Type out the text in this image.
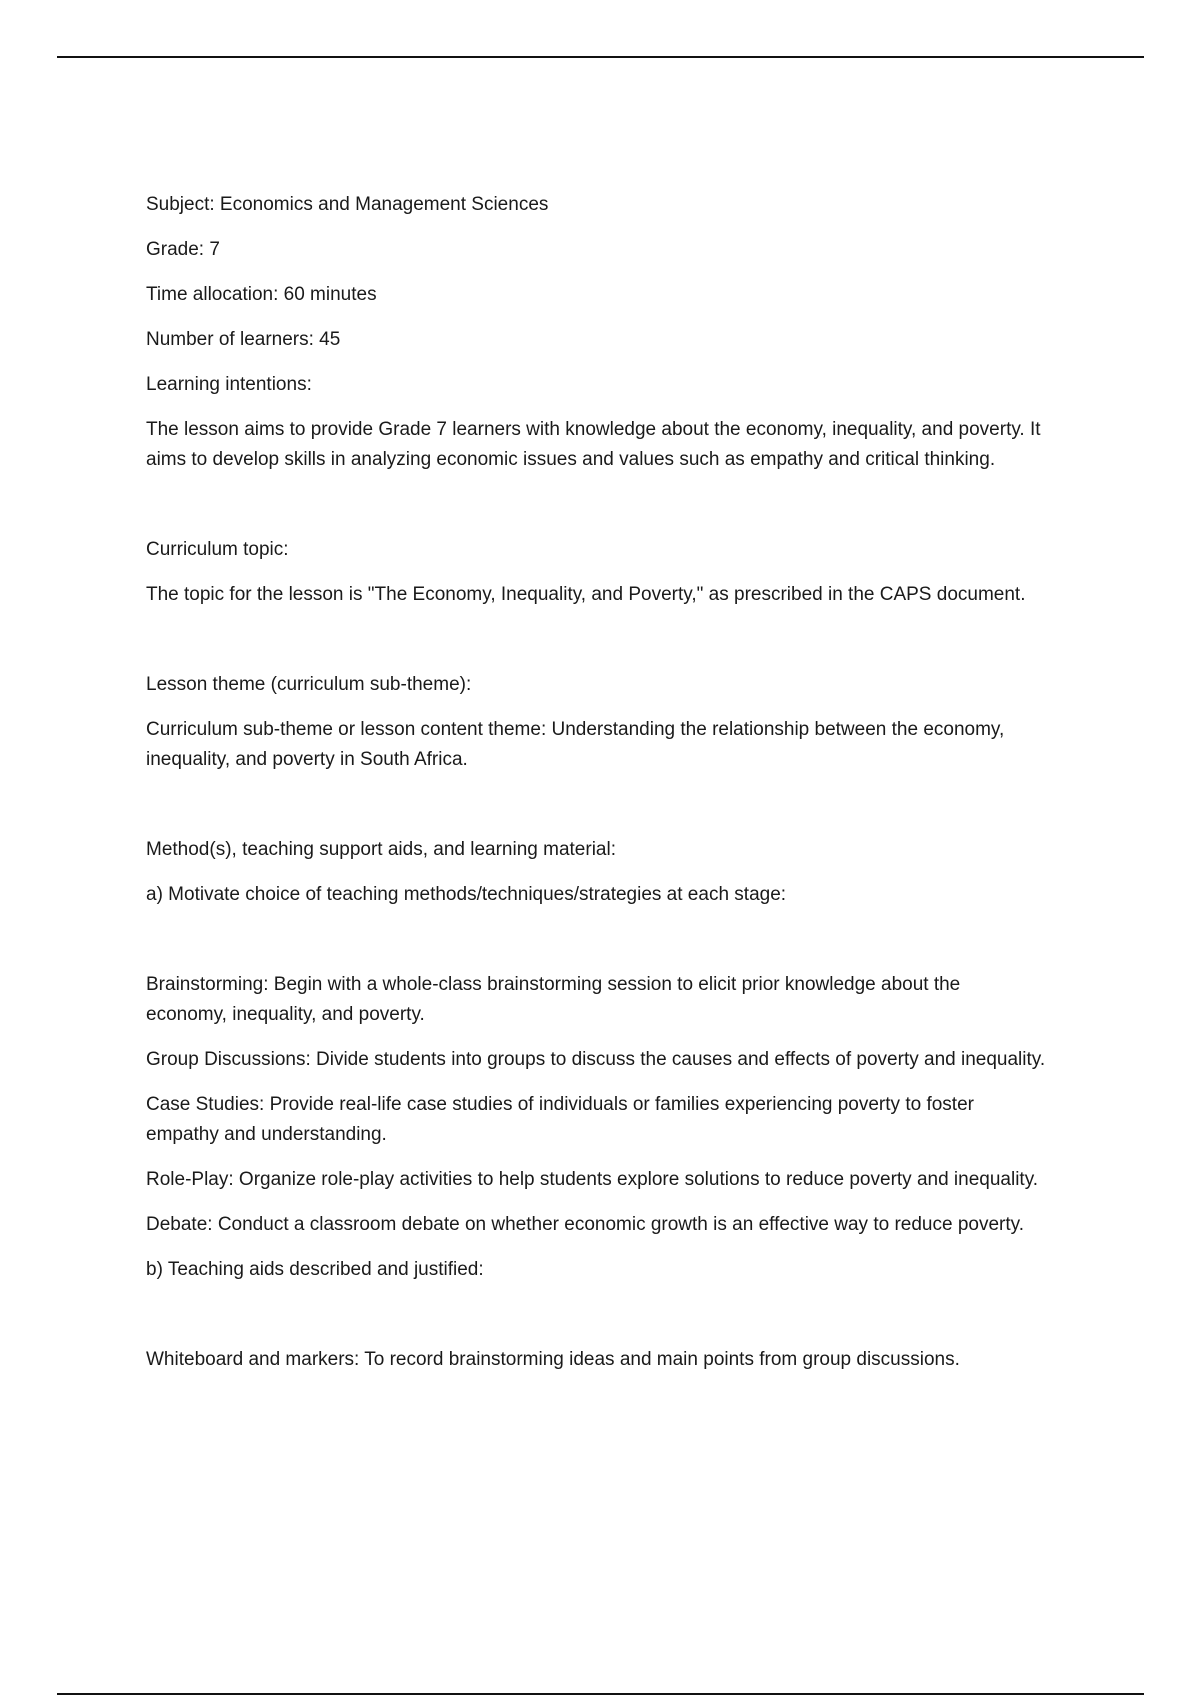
Subject: Economics and Management Sciences

Grade: 7

Time allocation: 60 minutes

Number of learners: 45

Learning intentions:

The lesson aims to provide Grade 7 learners with knowledge about the economy, inequality, and poverty. It aims to develop skills in analyzing economic issues and values such as empathy and critical thinking.

Curriculum topic:

The topic for the lesson is "The Economy, Inequality, and Poverty," as prescribed in the CAPS document.

Lesson theme (curriculum sub-theme):

Curriculum sub-theme or lesson content theme: Understanding the relationship between the economy, inequality, and poverty in South Africa.

Method(s), teaching support aids, and learning material:

a) Motivate choice of teaching methods/techniques/strategies at each stage:

Brainstorming: Begin with a whole-class brainstorming session to elicit prior knowledge about the economy, inequality, and poverty.

Group Discussions: Divide students into groups to discuss the causes and effects of poverty and inequality.

Case Studies: Provide real-life case studies of individuals or families experiencing poverty to foster empathy and understanding.

Role-Play: Organize role-play activities to help students explore solutions to reduce poverty and inequality.

Debate: Conduct a classroom debate on whether economic growth is an effective way to reduce poverty.

b) Teaching aids described and justified:

Whiteboard and markers: To record brainstorming ideas and main points from group discussions.
